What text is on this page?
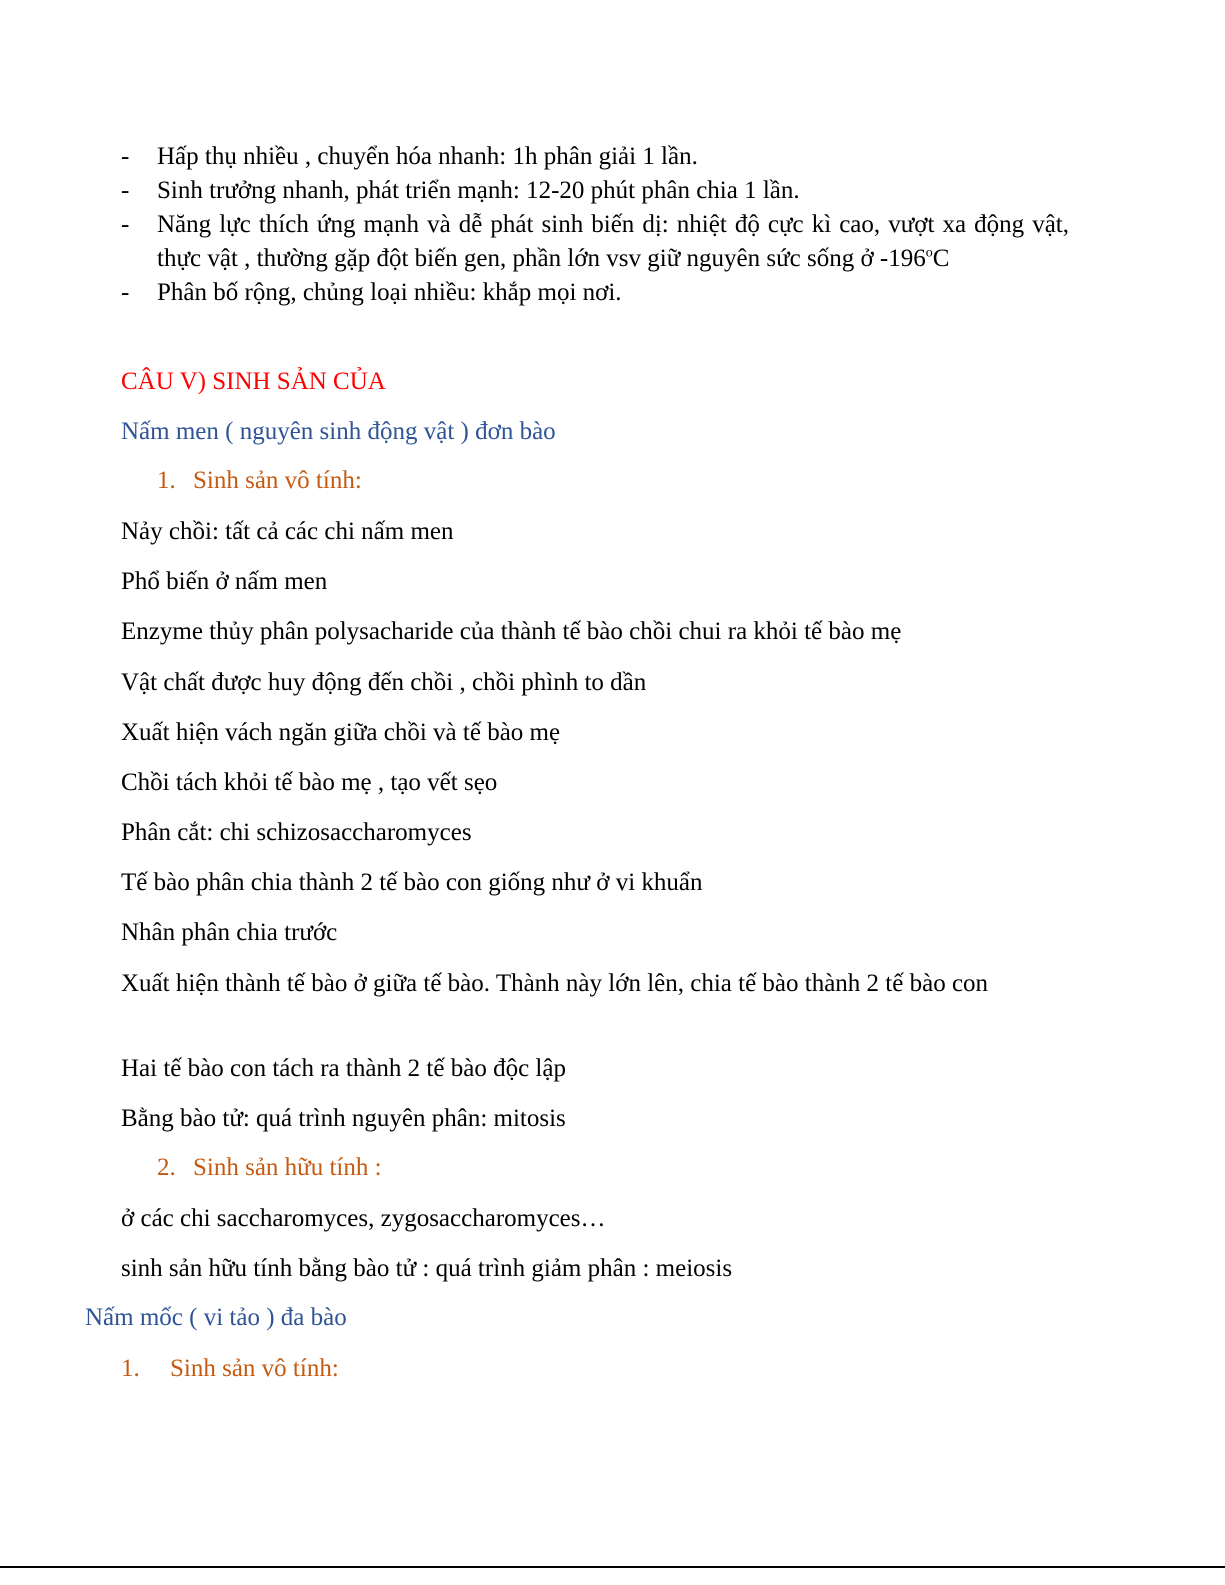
- Hấp thụ nhiều , chuyển hóa nhanh: 1h phân giải 1 lần.
- Sinh trưởng nhanh, phát triển mạnh: 12-20 phút phân chia 1 lần.
- Năng lực thích ứng mạnh và dễ phát sinh biến dị: nhiệt độ cực kì cao, vượt xa động vật, thực vật , thường gặp đột biến gen, phần lớn vsv giữ nguyên sức sống ở -196$^o$C
- Phân bố rộng, chủng loại nhiều: khắp mọi nơi.

CÂU V) SINH SẢN CỦA

Nấm men ( nguyên sinh động vật ) đơn bào

1. Sinh sản vô tính:

Nảy chồi: tất cả các chi nấm men

Phổ biến ở nấm men

Enzyme thủy phân polysacharide của thành tế bào chồi chui ra khỏi tế bào mẹ

Vật chất được huy động đến chồi , chồi phình to dần

Xuất hiện vách ngăn giữa chồi và tế bào mẹ

Chồi tách khỏi tế bào mẹ , tạo vết sẹo

Phân cắt: chi schizosaccharomyces

Tế bào phân chia thành 2 tế bào con giống như ở vi khuẩn

Nhân phân chia trước

Xuất hiện thành tế bào ở giữa tế bào. Thành này lớn lên, chia tế bào thành 2 tế bào con

Hai tế bào con tách ra thành 2 tế bào độc lập

Bằng bào tử: quá trình nguyên phân: mitosis

2. Sinh sản hữu tính :

ở các chi saccharomyces, zygosaccharomyces…

sinh sản hữu tính bằng bào tử : quá trình giảm phân : meiosis

Nấm mốc ( vi tảo ) đa bào

1. Sinh sản vô tính:
